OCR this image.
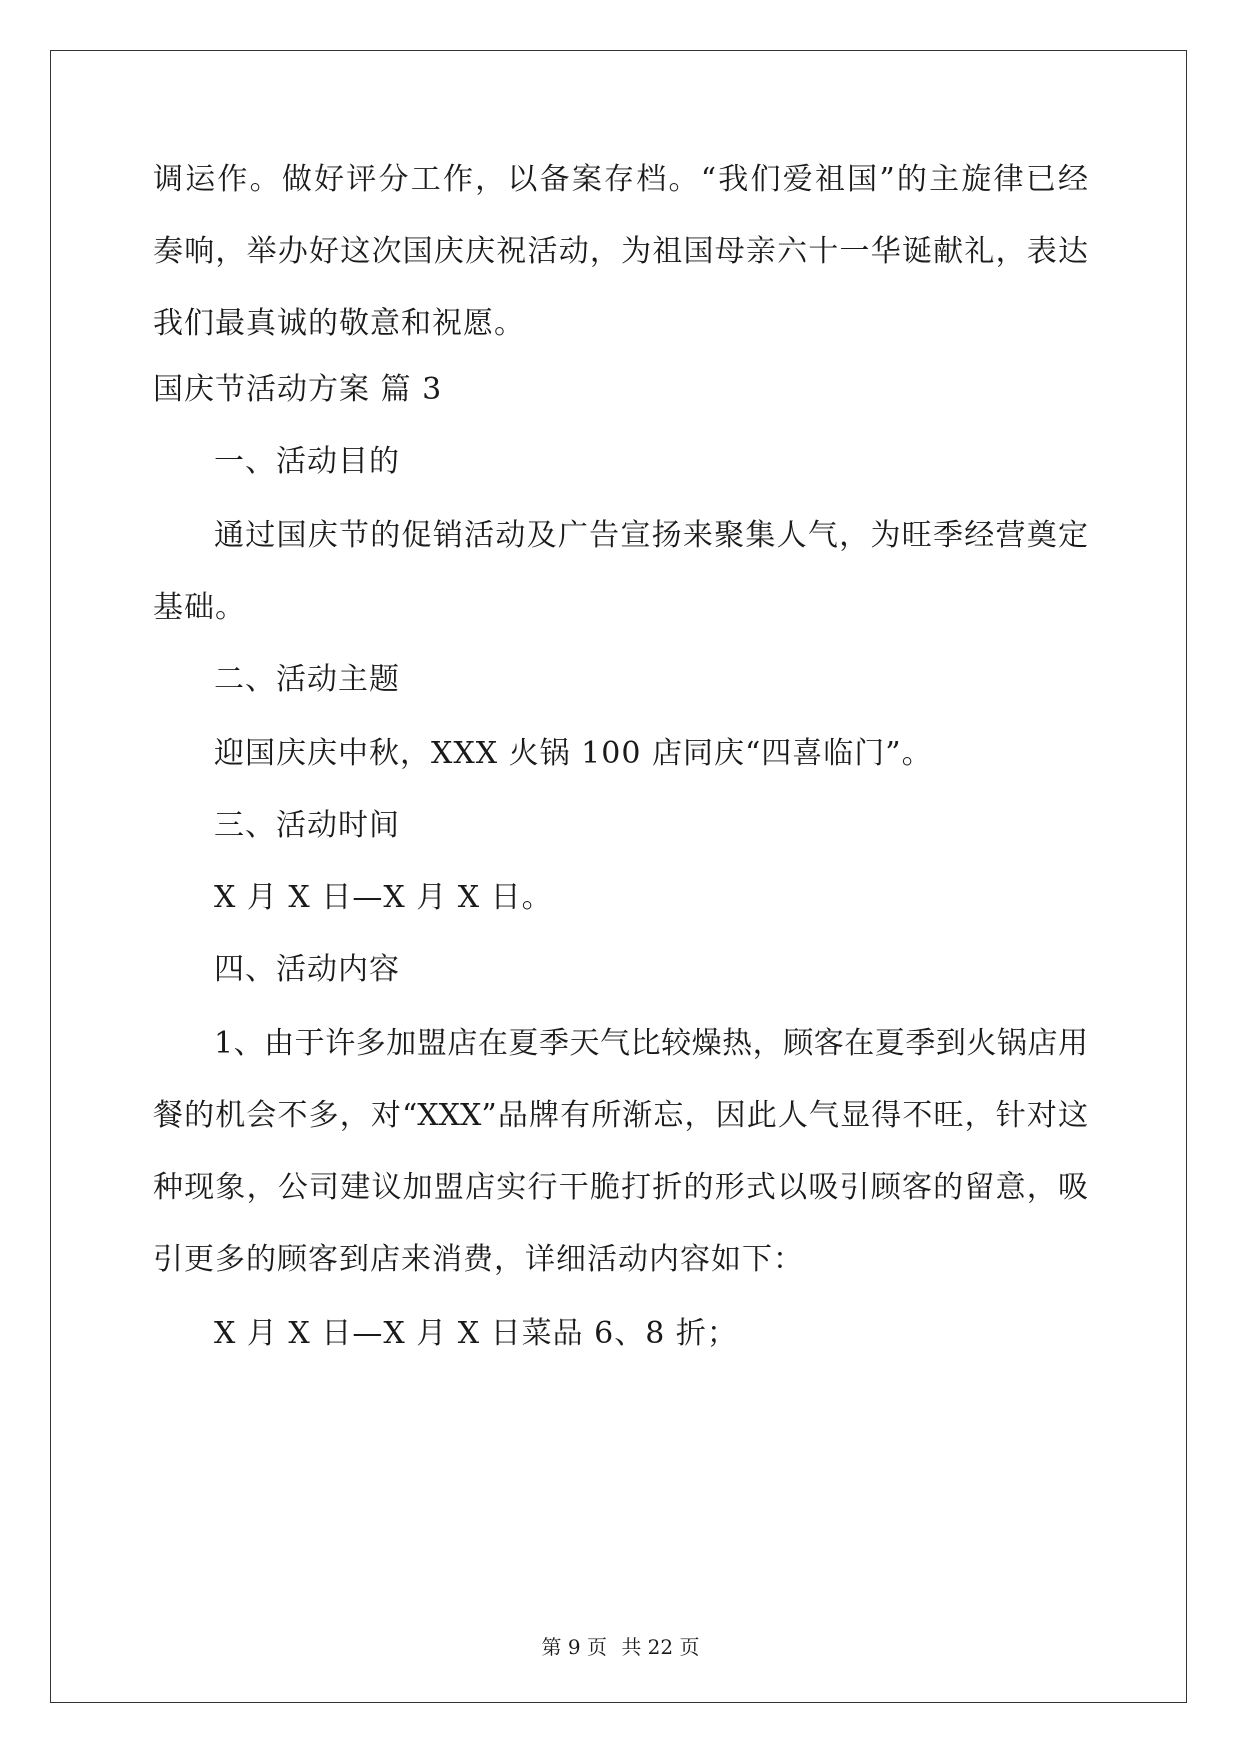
调运作。做好评分工作，以备案存档。“我们爱祖国”的主旋律已经
奏响，举办好这次国庆庆祝活动，为祖国母亲六十一华诞献礼，表达
我们最真诚的敬意和祝愿。
国庆节活动方案 篇 3
一、活动目的
通过国庆节的促销活动及广告宣扬来聚集人气，为旺季经营奠定
基础。
二、活动主题
迎国庆庆中秋，XXX 火锅 100 店同庆“四喜临门”。
三、活动时间
X 月 X 日—X 月 X 日。
四、活动内容
1、由于许多加盟店在夏季天气比较燥热，顾客在夏季到火锅店用
餐的机会不多，对“XXX”品牌有所渐忘，因此人气显得不旺，针对这
种现象，公司建议加盟店实行干脆打折的形式以吸引顾客的留意，吸
引更多的顾客到店来消费，详细活动内容如下：
X 月 X 日—X 月 X 日菜品 6、8 折；
第 9 页 共 22 页
